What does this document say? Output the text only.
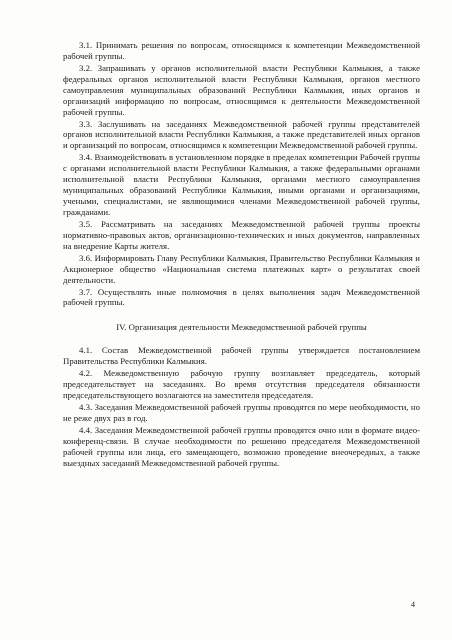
3.1. Принимать решения по вопросам, относящимся к компетенции Межведомственной рабочей группы.

3.2. Запрашивать у органов исполнительной власти Республики Калмыкия, а также федеральных органов исполнительной власти Республики Калмыкия, органов местного самоуправления муниципальных образований Республики Калмыкия, иных органов и организаций информацию по вопросам, относящимся к деятельности Межведомственной рабочей группы.

3.3. Заслушивать на заседаниях Межведомственной рабочей группы представителей органов исполнительной власти Республики Калмыкия, а также представителей иных органов и организаций по вопросам, относящимся к компетенции Межведомственной рабочей группы.

3.4. Взаимодействовать в установленном порядке в пределах компетенции Рабочей группы с органами исполнительной власти Республики Калмыкия, а также федеральными органами исполнительной власти Республики Калмыкия, органами местного самоуправления муниципальных образований Республики Калмыкия, иными органами и организациями, учеными, специалистами, не являющимися членами Межведомственной рабочей группы, гражданами.

3.5. Рассматривать на заседаниях Межведомственной рабочей группы проекты нормативно-правовых актов, организационно-технических и иных документов, направленных на внедрение Карты жителя.

3.6. Информировать Главу Республики Калмыкия, Правительство Республики Калмыкия и Акционерное общество «Национальная система платежных карт» о результатах своей деятельности.

3.7. Осуществлять иные полномочия в целях выполнения задач Межведомственной рабочей группы.

IV. Организация деятельности Межведомственной рабочей группы

4.1. Состав Межведомственной рабочей группы утверждается постановлением Правительства Республики Калмыкия.

4.2. Межведомственную рабочую группу возглавляет председатель, который председательствует на заседаниях. Во время отсутствия председателя обязанности председательствующего возлагаются на заместителя председателя.

4.3. Заседания Межведомственной рабочей группы проводятся по мере необходимости, но не реже двух раз в год.

4.4. Заседания Межведомственной рабочей группы проводятся очно или в формате видео-конференц-связи. В случае необходимости по решению председателя Межведомственной рабочей группы или лица, его замещающего, возможно проведение внеочередных, а также выездных заседаний Межведомственной рабочей группы.

4
